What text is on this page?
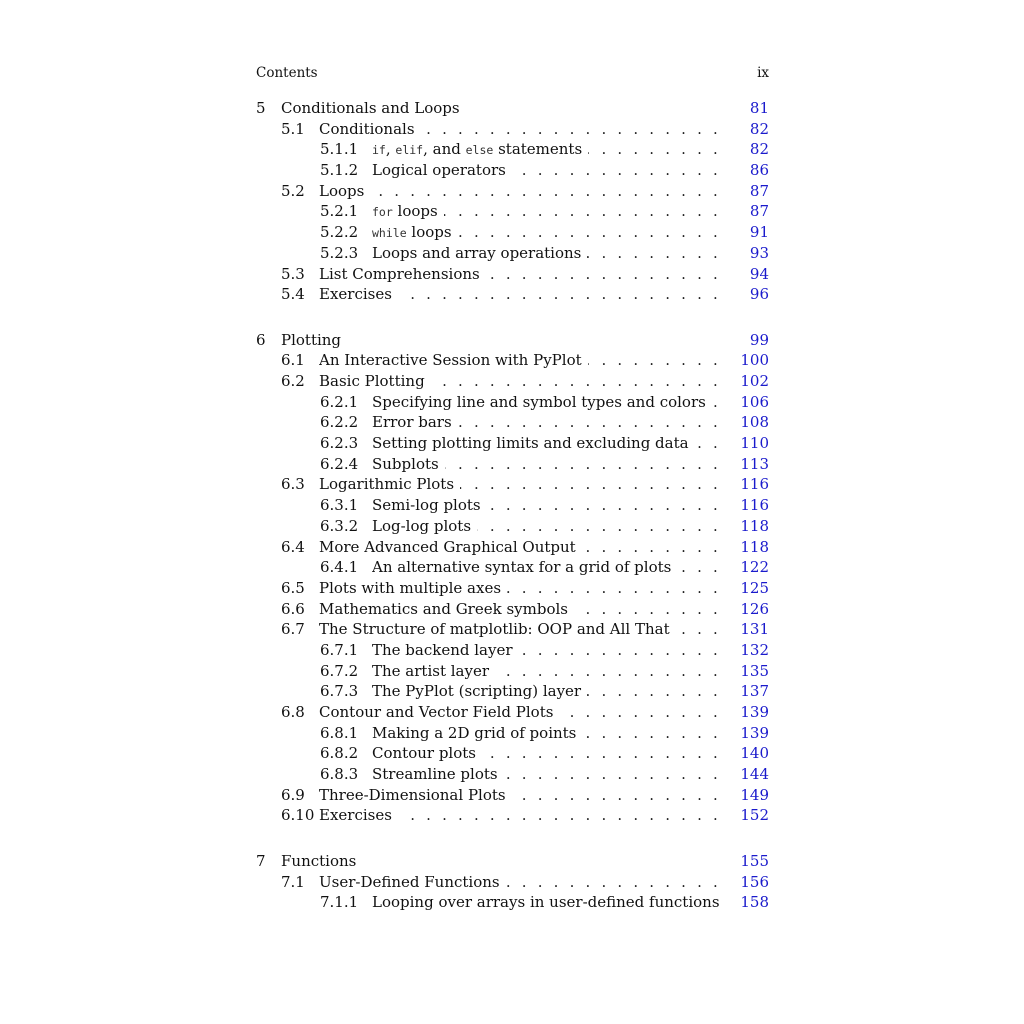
Contents	ix
5 Conditionals and Loops	81
5.1 Conditionals . . .	82
5.1.1 if, elif, and else statements . . .	82
5.1.2 Logical operators . . .	86
5.2 Loops . . .	87
5.2.1 for loops . . .	87
5.2.2 while loops . . .	91
5.2.3 Loops and array operations . . .	93
5.3 List Comprehensions . . .	94
5.4 Exercises . . .	96
6 Plotting	99
6.1 An Interactive Session with PyPlot . . .	100
6.2 Basic Plotting . . .	102
6.2.1 Specifying line and symbol types and colors . . .	106
6.2.2 Error bars . . .	108
6.2.3 Setting plotting limits and excluding data . . .	110
6.2.4 Subplots . . .	113
6.3 Logarithmic Plots . . .	116
6.3.1 Semi-log plots . . .	116
6.3.2 Log-log plots . . .	118
6.4 More Advanced Graphical Output . . .	118
6.4.1 An alternative syntax for a grid of plots . . .	122
6.5 Plots with multiple axes . . .	125
6.6 Mathematics and Greek symbols . . .	126
6.7 The Structure of matplotlib: OOP and All That . . .	131
6.7.1 The backend layer . . .	132
6.7.2 The artist layer . . .	135
6.7.3 The PyPlot (scripting) layer . . .	137
6.8 Contour and Vector Field Plots . . .	139
6.8.1 Making a 2D grid of points . . .	139
6.8.2 Contour plots . . .	140
6.8.3 Streamline plots . . .	144
6.9 Three-Dimensional Plots . . .	149
6.10 Exercises . . .	152
7 Functions	155
7.1 User-Defined Functions . . .	156
7.1.1 Looping over arrays in user-defined functions . . .	158
